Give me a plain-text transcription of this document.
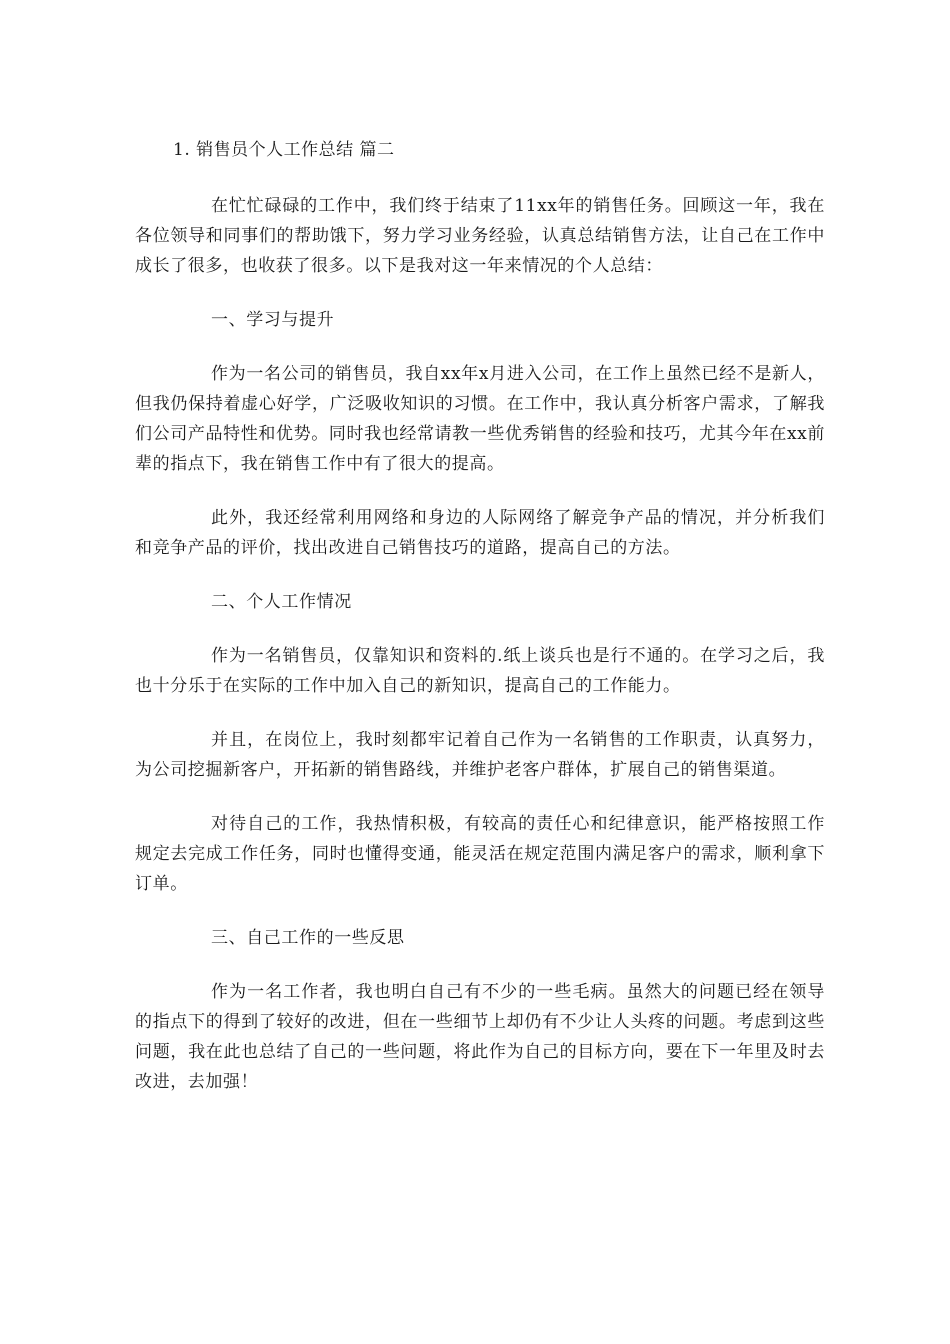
1. 销售员个人工作总结 篇二

在忙忙碌碌的工作中，我们终于结束了11xx年的销售任务。回顾这一年，我在各位领导和同事们的帮助饿下，努力学习业务经验，认真总结销售方法，让自己在工作中成长了很多，也收获了很多。以下是我对这一年来情况的个人总结：

一、学习与提升

作为一名公司的销售员，我自xx年x月进入公司，在工作上虽然已经不是新人，但我仍保持着虚心好学，广泛吸收知识的习惯。在工作中，我认真分析客户需求，了解我们公司产品特性和优势。同时我也经常请教一些优秀销售的经验和技巧，尤其今年在xx前辈的指点下，我在销售工作中有了很大的提高。

此外，我还经常利用网络和身边的人际网络了解竞争产品的情况，并分析我们和竞争产品的评价，找出改进自己销售技巧的道路，提高自己的方法。

二、个人工作情况

作为一名销售员，仅靠知识和资料的.纸上谈兵也是行不通的。在学习之后，我也十分乐于在实际的工作中加入自己的新知识，提高自己的工作能力。

并且，在岗位上，我时刻都牢记着自己作为一名销售的工作职责，认真努力，为公司挖掘新客户，开拓新的销售路线，并维护老客户群体，扩展自己的销售渠道。

对待自己的工作，我热情积极，有较高的责任心和纪律意识，能严格按照工作规定去完成工作任务，同时也懂得变通，能灵活在规定范围内满足客户的需求，顺利拿下订单。

三、自己工作的一些反思

作为一名工作者，我也明白自己有不少的一些毛病。虽然大的问题已经在领导的指点下的得到了较好的改进，但在一些细节上却仍有不少让人头疼的问题。考虑到这些问题，我在此也总结了自己的一些问题，将此作为自己的目标方向，要在下一年里及时去改进，去加强！
